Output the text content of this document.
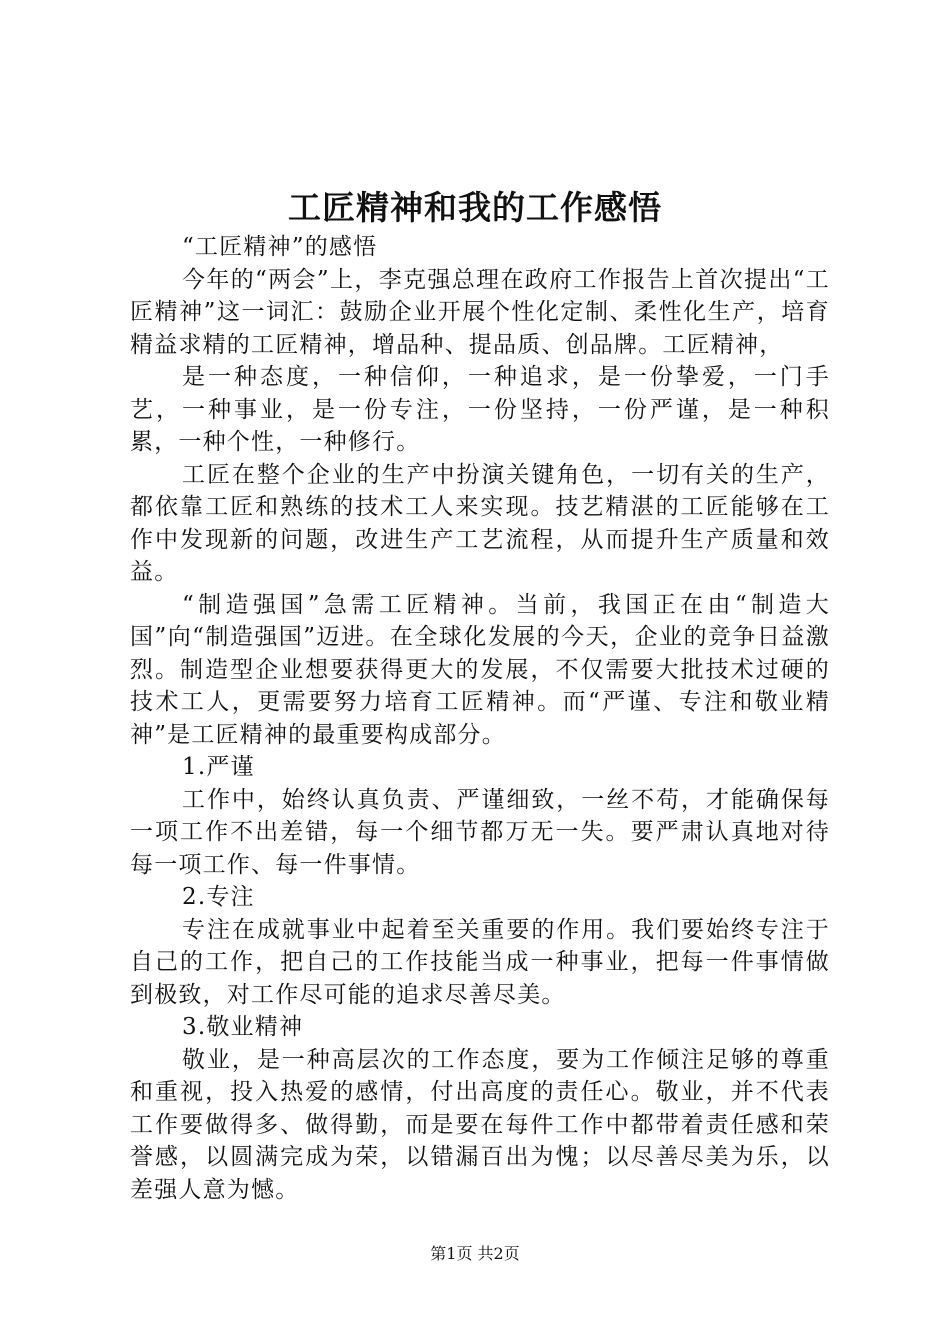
工匠精神和我的工作感悟

“工匠精神”的感悟

今年的“两会”上，李克强总理在政府工作报告上首次提出“工匠精神”这一词汇：鼓励企业开展个性化定制、柔性化生产，培育精益求精的工匠精神，增品种、提品质、创品牌。工匠精神，

是一种态度，一种信仰，一种追求，是一份挚爱，一门手艺，一种事业，是一份专注，一份坚持，一份严谨，是一种积累，一种个性，一种修行。

工匠在整个企业的生产中扮演关键角色，一切有关的生产，都依靠工匠和熟练的技术工人来实现。技艺精湛的工匠能够在工作中发现新的问题，改进生产工艺流程，从而提升生产质量和效益。

“制造强国”急需工匠精神。当前，我国正在由“制造大国”向“制造强国”迈进。在全球化发展的今天，企业的竞争日益激烈。制造型企业想要获得更大的发展，不仅需要大批技术过硬的技术工人，更需要努力培育工匠精神。而“严谨、专注和敬业精神”是工匠精神的最重要构成部分。

1.严谨

工作中，始终认真负责、严谨细致，一丝不苟，才能确保每一项工作不出差错，每一个细节都万无一失。要严肃认真地对待每一项工作、每一件事情。

2.专注

专注在成就事业中起着至关重要的作用。我们要始终专注于自己的工作，把自己的工作技能当成一种事业，把每一件事情做到极致，对工作尽可能的追求尽善尽美。

3.敬业精神

敬业，是一种高层次的工作态度，要为工作倾注足够的尊重和重视，投入热爱的感情，付出高度的责任心。敬业，并不代表工作要做得多、做得勤，而是要在每件工作中都带着责任感和荣誉感，以圆满完成为荣，以错漏百出为愧；以尽善尽美为乐，以差强人意为憾。

第1页 共2页
